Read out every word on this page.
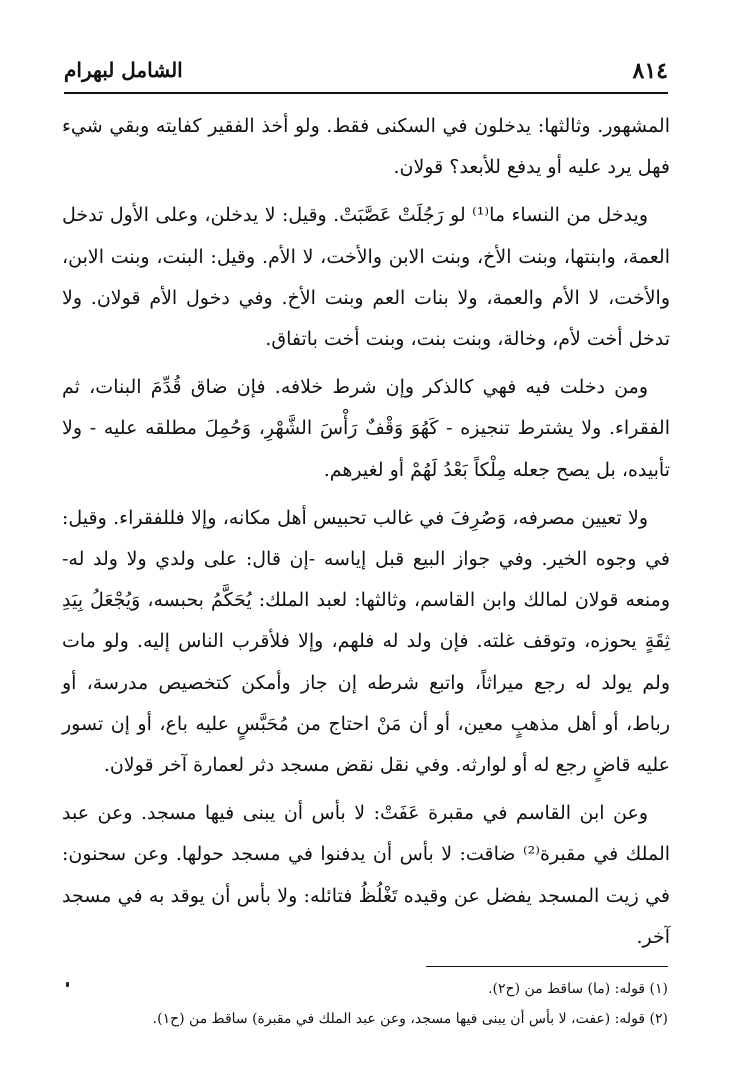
٨١٤
الشامل لبهرام

المشهور. وثالثها: يدخلون في السكنى فقط. ولو أخذ الفقير كفايته وبقي شيء فهل يرد عليه أو يدفع للأبعد؟ قولان.

ويدخل من النساء ما⁽¹⁾ لو رَجُلَتْ عَصَّبَتْ. وقيل: لا يدخلن، وعلى الأول تدخل العمة، وابنتها، وبنت الأخ، وبنت الابن والأخت، لا الأم. وقيل: البنت، وبنت الابن، والأخت، لا الأم والعمة، ولا بنات العم وبنت الأخ. وفي دخول الأم قولان. ولا تدخل أخت لأم، وخالة، وبنت بنت، وبنت أخت باتفاق.

ومن دخلت فيه فهي كالذكر وإن شرط خلافه. فإن ضاق قُدِّمَ البنات، ثم الفقراء. ولا يشترط تنجيزه - كَهُوَ وَقْفٌ رَأْسَ الشَّهْرِ، وَحُمِلَ مطلقه عليه - ولا تأبيده، بل يصح جعله مِلْكاً بَعْدُ لَهُمْ أو لغيرهم.

ولا تعيين مصرفه، وَصُرِفَ في غالب تحبيس أهل مكانه، وإلا فللفقراء. وقيل: في وجوه الخير. وفي جواز البيع قبل إياسه -إن قال: على ولدي ولا ولد له- ومنعه قولان لمالك وابن القاسم، وثالثها: لعبد الملك: يُحَكَّمُ بحبسه، وَيُجْعَلُ بِيَدِ ثِقَةٍ يحوزه، وتوقف غلته. فإن ولد له فلهم، وإلا فلأقرب الناس إليه. ولو مات ولم يولد له رجع ميراثاً، واتبع شرطه إن جاز وأمكن كتخصيص مدرسة، أو رباط، أو أهل مذهبٍ معين، أو أن مَنْ احتاج من مُحَبَّسٍ عليه باع، أو إن تسور عليه قاضٍ رجع له أو لوارثه. وفي نقل نقض مسجد دثر لعمارة آخر قولان.

وعن ابن القاسم في مقبرة عَفَتْ: لا بأس أن يبنى فيها مسجد. وعن عبد الملك في مقبرة⁽²⁾ ضاقت: لا بأس أن يدفنوا في مسجد حولها. وعن سحنون: في زيت المسجد يفضل عن وقيده تَغْلُظُ فتائله: ولا بأس أن يوقد به في مسجد آخر.

(١) قوله: (ما) ساقط من (ح٢).

(٢) قوله: (عفت، لا بأس أن يبنى فيها مسجد، وعن عبد الملك في مقبرة) ساقط من (ح١).
